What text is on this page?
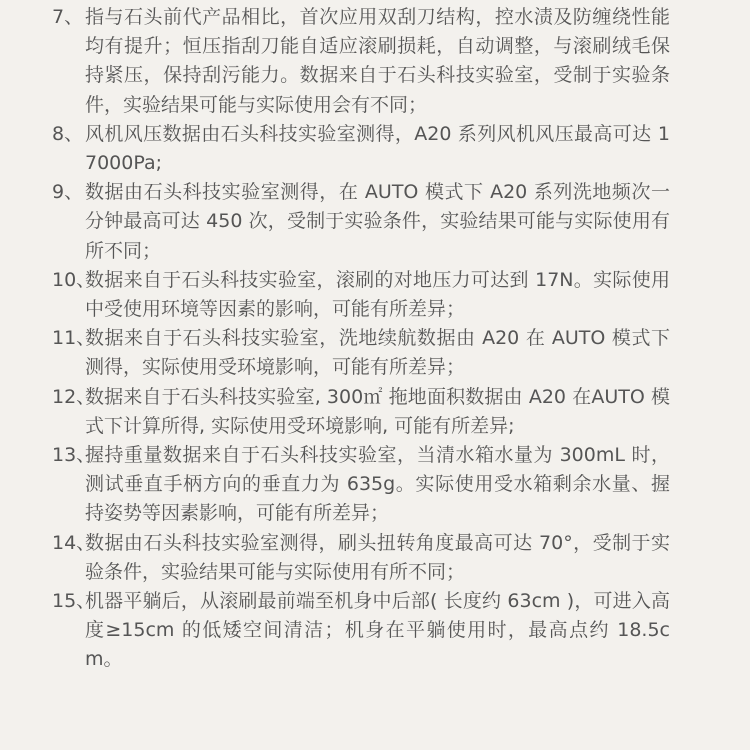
7、 指与石头前代产品相比，首次应用双刮刀结构，控水渍及防缠绕性能均有提升；恒压指刮刀能自适应滚刷损耗，自动调整，与滚刷绒毛保持紧压，保持刮污能力。数据来自于石头科技实验室，受制于实验条件，实验结果可能与实际使用会有不同；
8、 风机风压数据由石头科技实验室测得，A20 系列风机风压最高可达 17000Pa;
9、 数据由石头科技实验室测得，在 AUTO 模式下 A20 系列洗地频次一分钟最高可达 450 次，受制于实验条件，实验结果可能与实际使用有所不同；
10、
数据来自于石头科技实验室，滚刷的对地压力可达到 17N。实际使用中受使用环境等因素的影响，可能有所差异；
11、
数据来自于石头科技实验室，洗地续航数据由 A20 在 AUTO 模式下测得，实际使用受环境影响，可能有所差异；
12、
数据来自于石头科技实验室, 300㎡ 拖地面积数据由 A20 在AUTO 模式下计算所得, 实际使用受环境影响, 可能有所差异;
13、
握持重量数据来自于石头科技实验室，当清水箱水量为 300mL 时，测试垂直手柄方向的垂直力为 635g。实际使用受水箱剩余水量、握持姿势等因素影响，可能有所差异；
14、
数据由石头科技实验室测得，刷头扭转角度最高可达 70°，受制于实验条件，实验结果可能与实际使用有所不同；
15、
机器平躺后，从滚刷最前端至机身中后部( 长度约 63cm )，可进入高度≥15cm 的低矮空间清洁；机身在平躺使用时，最高点约 18.5cm。
